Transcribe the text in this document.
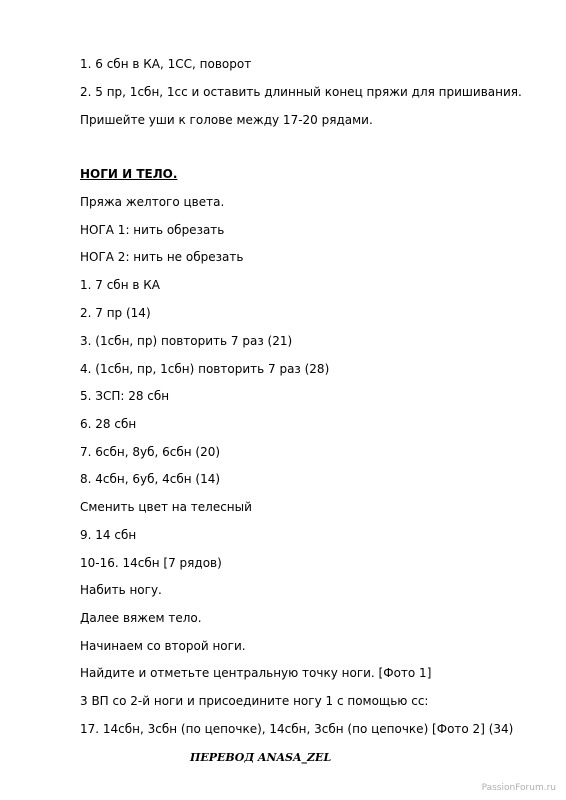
1. 6 сбн в КА, 1СС, поворот
2. 5 пр, 1сбн, 1сс и оставить длинный конец пряжи для пришивания.
Пришейте уши к голове между 17-20 рядами.
НОГИ И ТЕЛО.
Пряжа желтого цвета.
НОГА 1: нить обрезать
НОГА 2: нить не обрезать
1. 7 сбн в КА
2. 7 пр (14)
3. (1сбн, пр) повторить 7 раз (21)
4. (1сбн, пр, 1сбн) повторить 7 раз (28)
5. ЗСП: 28 сбн
6. 28 сбн
7. 6сбн, 8уб, 6сбн (20)
8. 4сбн, 6уб, 4сбн (14)
Сменить цвет на телесный
9. 14 сбн
10-16. 14сбн [7 рядов)
Набить ногу.
Далее вяжем тело.
Начинаем со второй ноги.
Найдите и отметьте центральную точку ноги. [Фото 1]
3 ВП со 2-й ноги и присоедините ногу 1 с помощью сс:
17. 14сбн, 3сбн (по цепочке), 14сбн, 3сбн (по цепочке) [Фото 2] (34)
ПЕРЕВОД ANASA_ZEL
PassionForum.ru
